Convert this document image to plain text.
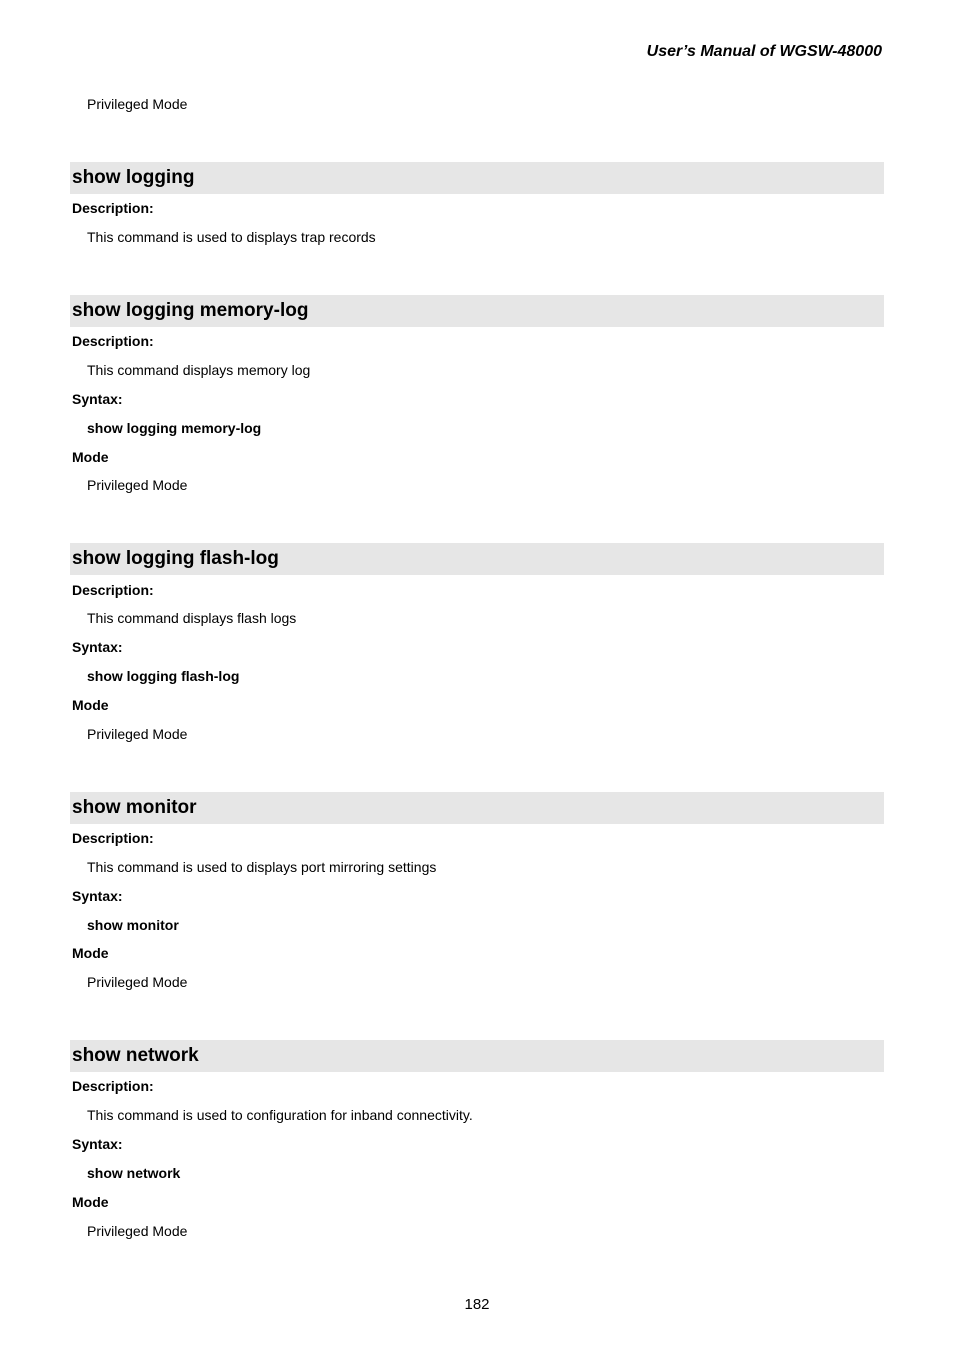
User’s Manual of WGSW-48000
Privileged Mode
show logging
Description:
This command is used to displays trap records
show logging memory-log
Description:
This command displays memory log
Syntax:
show logging memory-log
Mode
Privileged Mode
show logging flash-log
Description:
This command displays flash logs
Syntax:
show logging flash-log
Mode
Privileged Mode
show monitor
Description:
This command is used to displays port mirroring settings
Syntax:
show monitor
Mode
Privileged Mode
show network
Description:
This command is used to configuration for inband connectivity.
Syntax:
show network
Mode
Privileged Mode
182
